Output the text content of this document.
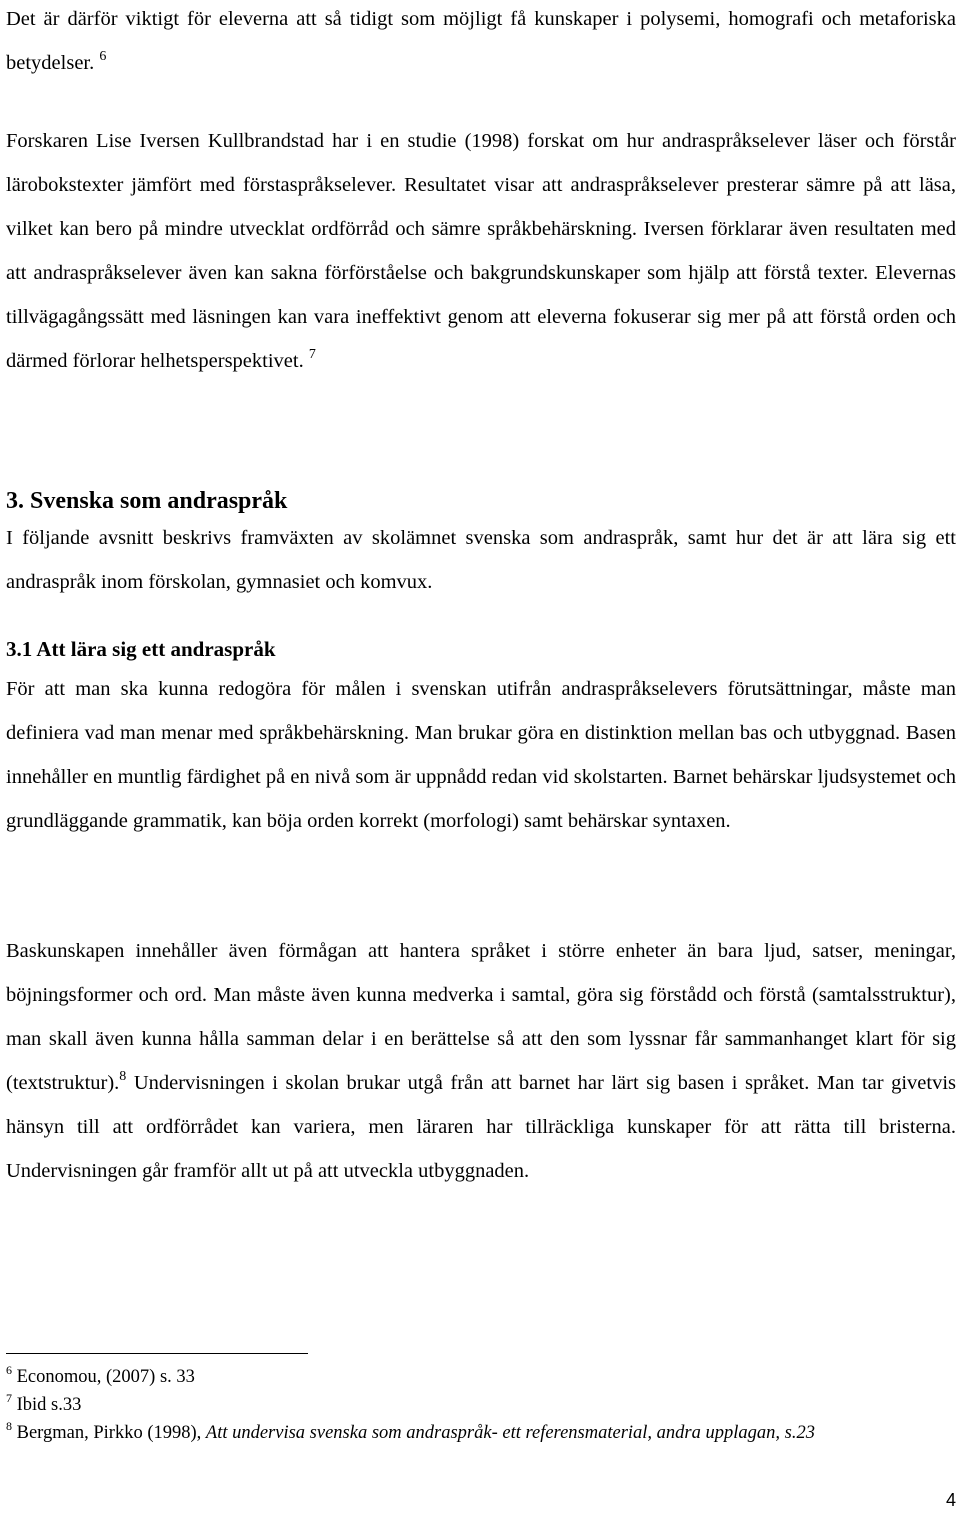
Det är därför viktigt för eleverna att så tidigt som möjligt få kunskaper i polysemi, homografi och metaforiska betydelser. $^6$

Forskaren Lise Iversen Kullbrandstad har i en studie (1998) forskat om hur andraspråkselever läser och förstår lärobokstexter jämfört med förstaspråkselever. Resultatet visar att andraspråkselever presterar sämre på att läsa, vilket kan bero på mindre utvecklat ordförråd och sämre språkbehärskning. Iversen förklarar även resultaten med att andraspråkselever även kan sakna förförståelse och bakgrundskunskaper som hjälp att förstå texter. Elevernas tillvägagångssätt med läsningen kan vara ineffektivt genom att eleverna fokuserar sig mer på att förstå orden och därmed förlorar helhetsperspektivet. $^7$

3. Svenska som andraspråk

I följande avsnitt beskrivs framväxten av skolämnet svenska som andraspråk, samt hur det är att lära sig ett andraspråk inom förskolan, gymnasiet och komvux.

3.1 Att lära sig ett andraspråk

För att man ska kunna redogöra för målen i svenskan utifrån andraspråkselevers förutsättningar, måste man definiera vad man menar med språkbehärskning. Man brukar göra en distinktion mellan bas och utbyggnad. Basen innehåller en muntlig färdighet på en nivå som är uppnådd redan vid skolstarten. Barnet behärskar ljudsystemet och grundläggande grammatik, kan böja orden korrekt (morfologi) samt behärskar syntaxen.

Baskunskapen innehåller även förmågan att hantera språket i större enheter än bara ljud, satser, meningar, böjningsformer och ord. Man måste även kunna medverka i samtal, göra sig förstådd och förstå (samtalsstruktur), man skall även kunna hålla samman delar i en berättelse så att den som lyssnar får sammanhanget klart för sig (textstruktur).$^8$ Undervisningen i skolan brukar utgå från att barnet har lärt sig basen i språket. Man tar givetvis hänsyn till att ordförrådet kan variera, men läraren har tillräckliga kunskaper för att rätta till bristerna. Undervisningen går framför allt ut på att utveckla utbyggnaden.

$^6$ Economou, (2007) s. 33
$^7$ Ibid s.33
$^8$ Bergman, Pirkko (1998), Att undervisa svenska som andraspråk- ett referensmaterial, andra upplagan, s.23
4
